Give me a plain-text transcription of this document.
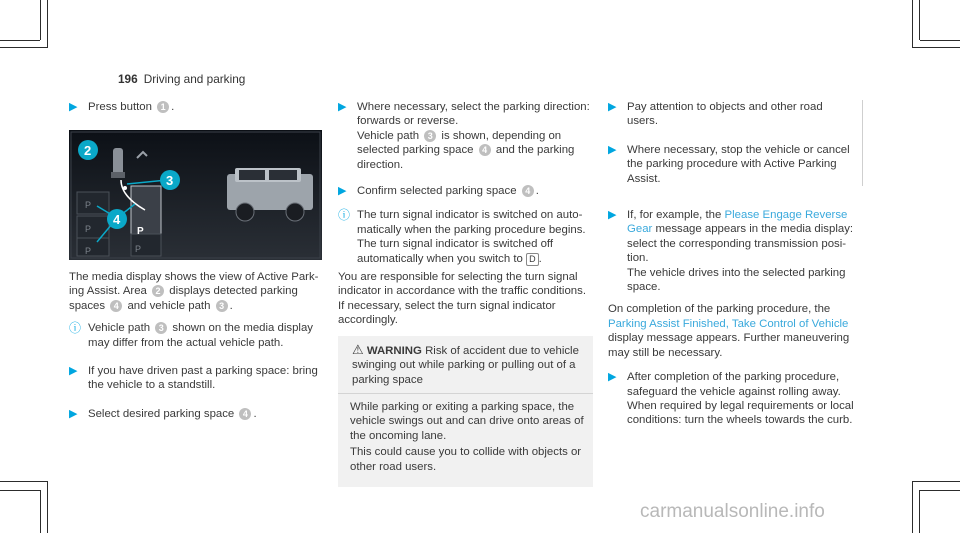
196 Driving and parking
▶ Press button 1 .
P
P
P	P
P
2
3
4

The media display shows the view of Active Parking Assist. Area 2 displays detected parking spaces 4 and vehicle path 3 .

ⓘ Vehicle path 3 shown on the media display may differ from the actual vehicle path.
▶ If you have driven past a parking space: bring the vehicle to a standstill.
▶ Select desired parking space 4 .
▶ Where necessary, select the parking direction: forwards or reverse.
Vehicle path 3 is shown, depending on selected parking space 4 and the parking direction.
▶ Confirm selected parking space 4 .
ⓘ The turn signal indicator is switched on automatically when the parking procedure begins. The turn signal indicator is switched off automatically when you switch to D .

You are responsible for selecting the turn signal indicator in accordance with the traffic conditions. If necessary, select the turn signal indicator accordingly.

⚠ WARNING Risk of accident due to vehicle swinging out while parking or pulling out of a parking space

While parking or exiting a parking space, the vehicle swings out and can drive onto areas of the oncoming lane.

This could cause you to collide with objects or other road users.

▶ Pay attention to objects and other road users.
▶ Where necessary, stop the vehicle or cancel the parking procedure with Active Parking Assist.
▶ If, for example, the Please Engage Reverse Gear message appears in the media display: select the corresponding transmission position.
The vehicle drives into the selected parking space.

On completion of the parking procedure, the Parking Assist Finished, Take Control of Vehicle display message appears. Further maneuvering may still be necessary.

▶ After completion of the parking procedure, safeguard the vehicle against rolling away. When required by legal requirements or local conditions: turn the wheels towards the curb.
carmanualsonline.info
